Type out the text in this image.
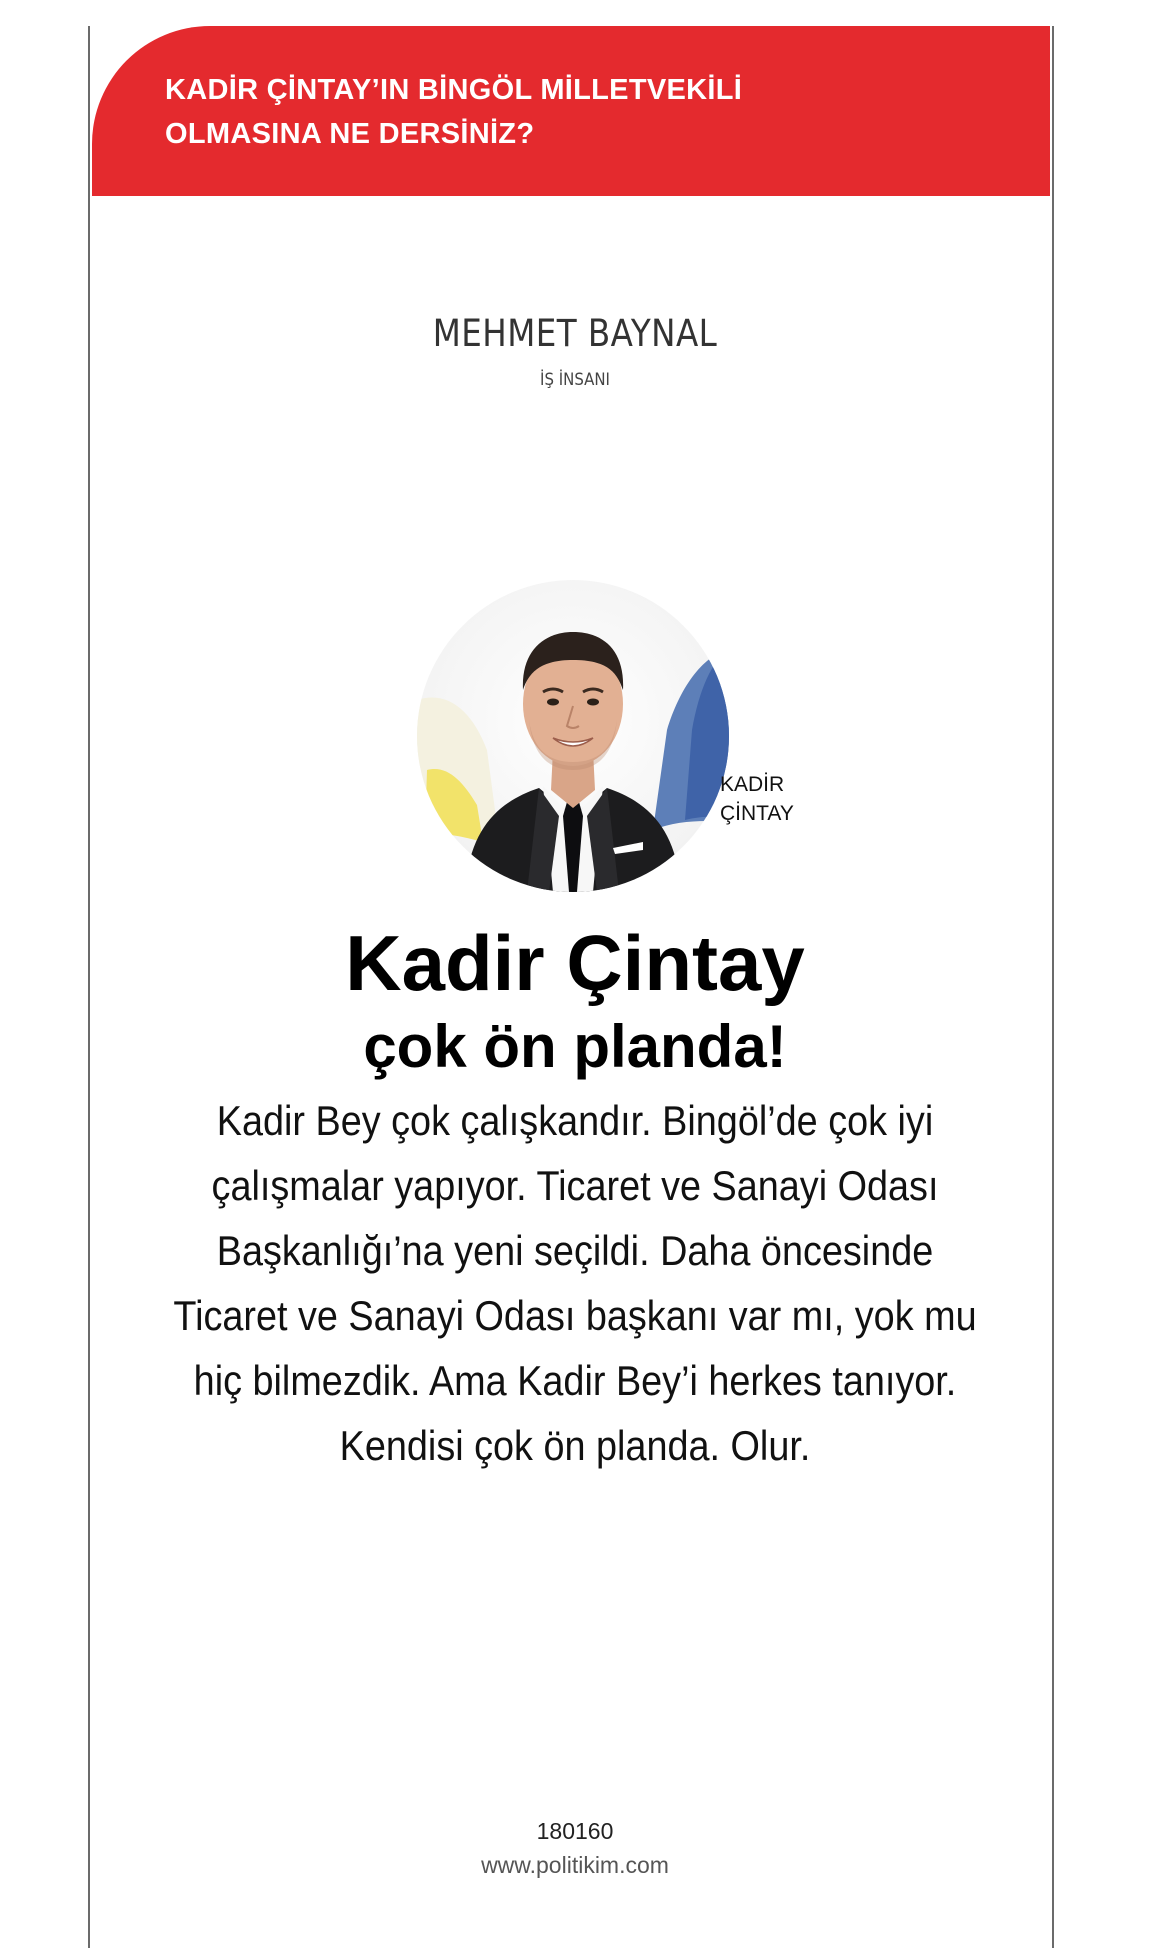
KADİR ÇİNTAY’IN BİNGÖL MİLLETVEKİLİ
OLMASINA NE DERSİNİZ?

MEHMET BAYNAL

İŞ İNSANI

KADİR
ÇİNTAY

Kadir Çintay
çok ön planda!

Kadir Bey çok çalışkandır. Bingöl’de çok iyi
çalışmalar yapıyor. Ticaret ve Sanayi Odası
Başkanlığı’na yeni seçildi. Daha öncesinde
Ticaret ve Sanayi Odası başkanı var mı, yok mu
hiç bilmezdik. Ama Kadir Bey’i herkes tanıyor.
Kendisi çok ön planda. Olur.

180160

www.politikim.com
